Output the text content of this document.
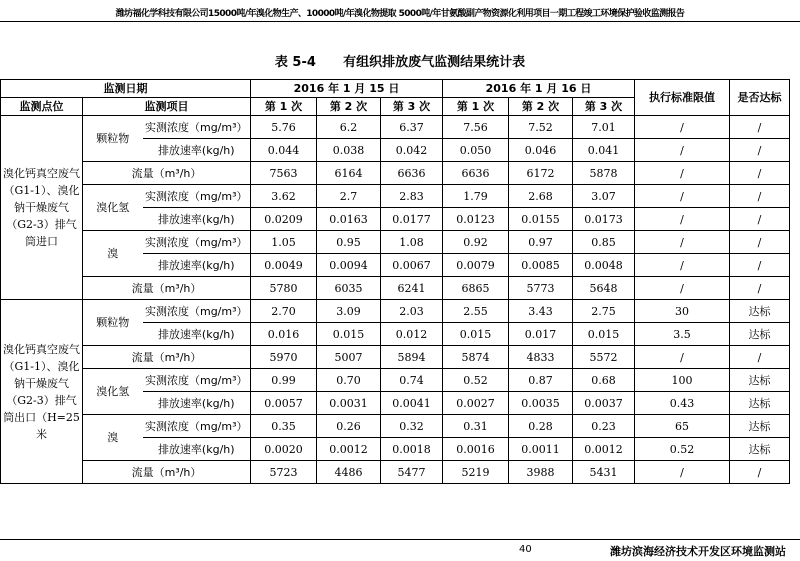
潍坊福化学科技有限公司15000吨/年溴化物生产、10000吨/年溴化物提取 5000吨/年甘氨酸副产物资源化利用项目一期工程竣工环境保护验收监测报告
表 5-4      有组织排放废气监测结果统计表
监测日期			2016 年 1 月 15 日			2016 年 1 月 16 日			执行标准限值	是否达标
监测点位	监测项目		第 1 次	第 2 次	第 3 次	第 1 次	第 2 次	第 3 次		
溴化钙真空废气（G1-1）、溴化钠干燥废气（G2-3）排气筒进口	颗粒物	实测浓度（mg/m³）	5.76	6.2	6.37	7.56	7.52	7.01	/	/
		排放速率(kg/h)	0.044	0.038	0.042	0.050	0.046	0.041	/	/
	流量（m³/h）		7563	6164	6636	6636	6172	5878	/	/
	溴化氢	实测浓度（mg/m³）	3.62	2.7	2.83	1.79	2.68	3.07	/	/
		排放速率(kg/h)	0.0209	0.0163	0.0177	0.0123	0.0155	0.0173	/	/
	溴	实测浓度（mg/m³）	1.05	0.95	1.08	0.92	0.97	0.85	/	/
		排放速率(kg/h)	0.0049	0.0094	0.0067	0.0079	0.0085	0.0048	/	/
	流量（m³/h）		5780	6035	6241	6865	5773	5648	/	/
溴化钙真空废气（G1-1）、溴化钠干燥废气（G2-3）排气筒出口（H=25 米	颗粒物	实测浓度（mg/m³）	2.70	3.09	2.03	2.55	3.43	2.75	30	达标
		排放速率(kg/h)	0.016	0.015	0.012	0.015	0.017	0.015	3.5	达标
	流量（m³/h）		5970	5007	5894	5874	4833	5572	/	/
	溴化氢	实测浓度（mg/m³）	0.99	0.70	0.74	0.52	0.87	0.68	100	达标
		排放速率(kg/h)	0.0057	0.0031	0.0041	0.0027	0.0035	0.0037	0.43	达标
	溴	实测浓度（mg/m³）	0.35	0.26	0.32	0.31	0.28	0.23	65	达标
		排放速率(kg/h)	0.0020	0.0012	0.0018	0.0016	0.0011	0.0012	0.52	达标
	流量（m³/h）		5723	4486	5477	5219	3988	5431	/	/
40	潍坊滨海经济技术开发区环境监测站
